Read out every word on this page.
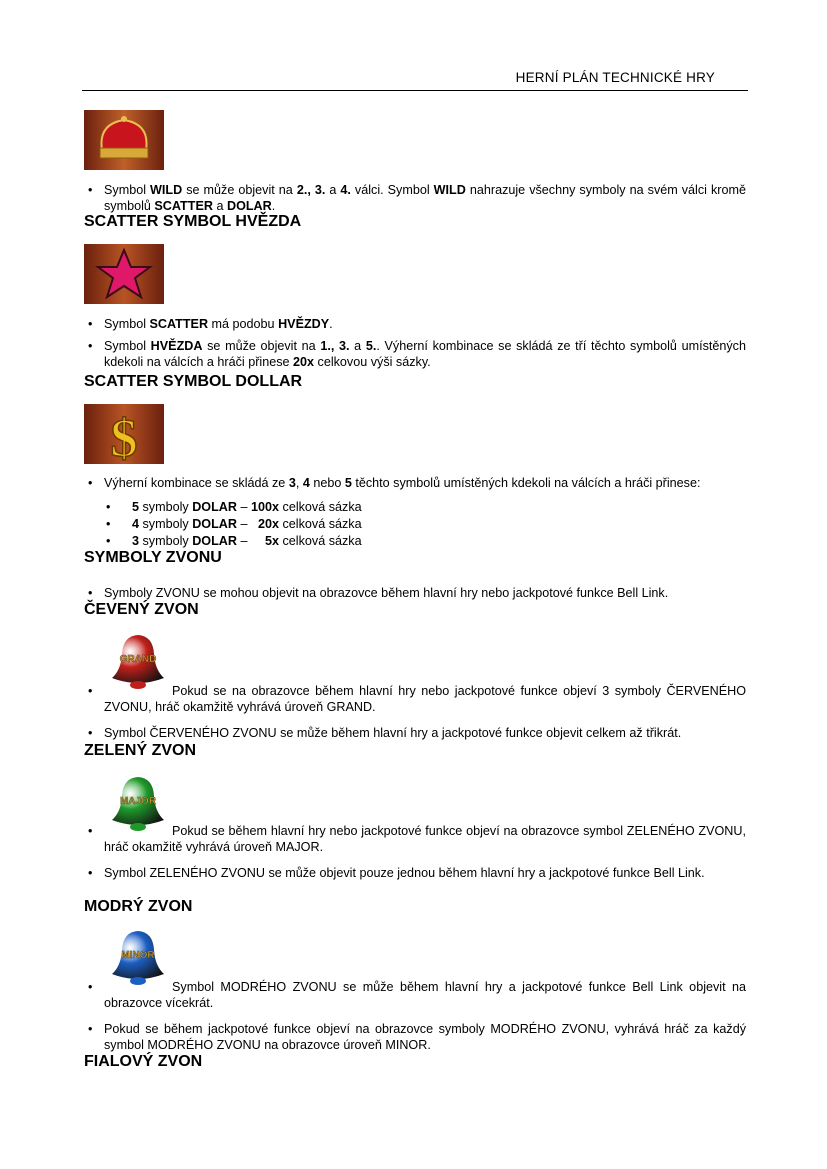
HERNÍ PLÁN TECHNICKÉ HRY
• Symbol WILD se může objevit na 2., 3. a 4. válci. Symbol WILD nahrazuje všechny symboly na svém válci kromě symbolů SCATTER a DOLAR.
SCATTER SYMBOL HVĚZDA
• Symbol SCATTER má podobu HVĚZDY.
• Symbol HVĚZDA se může objevit na 1., 3. a 5.. Výherní kombinace se skládá ze tří těchto symbolů umístěných kdekoli na válcích a hráči přinese 20x celkovou výši sázky.
SCATTER SYMBOL DOLLAR
$
• Výherní kombinace se skládá ze 3, 4 nebo 5 těchto symbolů umístěných kdekoli na válcích a hráči přinese:
• 5 symboly DOLAR – 100x celková sázka
• 4 symboly DOLAR –   20x celková sázka
• 3 symboly DOLAR –     5x celková sázka
SYMBOLY ZVONU
• Symboly ZVONU se mohou objevit na obrazovce během hlavní hry nebo jackpotové funkce Bell Link.
ČEVENÝ ZVON
GRAND
• Pokud se na obrazovce během hlavní hry nebo jackpotové funkce objeví 3 symboly ČERVENÉHO ZVONU, hráč okamžitě vyhrává úroveň GRAND.
• Symbol ČERVENÉHO ZVONU se může během hlavní hry a jackpotové funkce objevit celkem až třikrát.
ZELENÝ ZVON
MAJOR
• Pokud se během hlavní hry nebo jackpotové funkce objeví na obrazovce symbol ZELENÉHO ZVONU, hráč okamžitě vyhrává úroveň MAJOR.
• Symbol ZELENÉHO ZVONU se může objevit pouze jednou během hlavní hry a jackpotové funkce Bell Link.
MODRÝ ZVON
MINOR
• Symbol MODRÉHO ZVONU se může během hlavní hry a jackpotové funkce Bell Link objevit na obrazovce vícekrát.
• Pokud se během jackpotové funkce objeví na obrazovce symboly MODRÉHO ZVONU, vyhrává hráč za každý symbol MODRÉHO ZVONU na obrazovce úroveň MINOR.
FIALOVÝ ZVON
